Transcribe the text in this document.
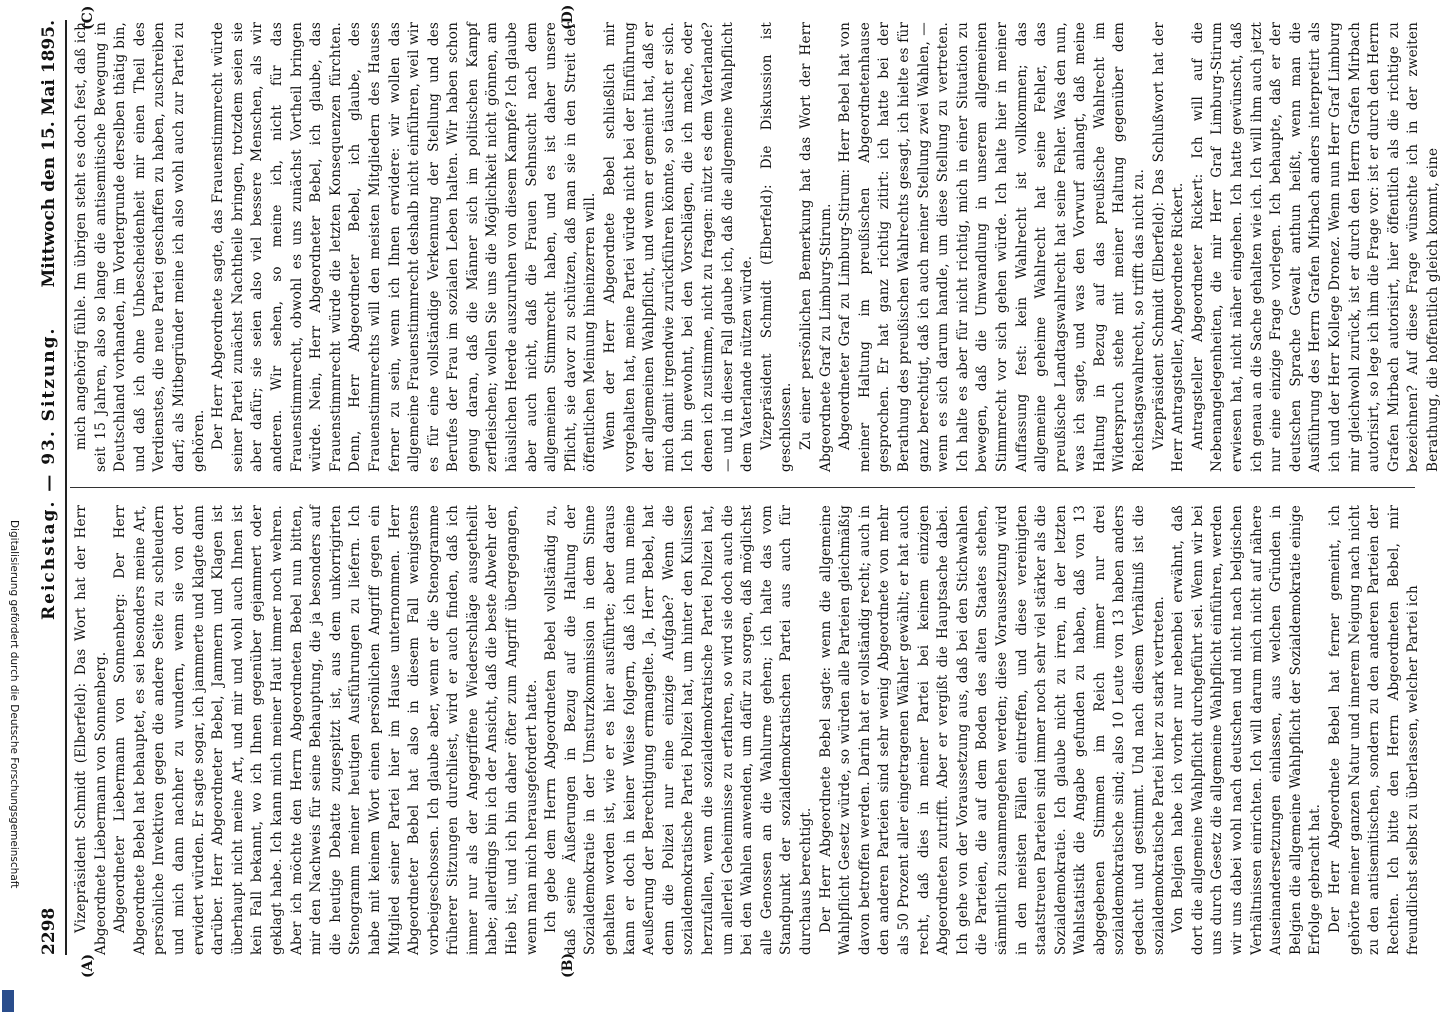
2298
Reichstag. — 93. Sitzung.
Mittwoch den 15. Mai 1895.
(A)	(B)
(C)	(D)

Vizepräsident Schmidt (Elberfeld): Das Wort hat der Herr Abgeordnete Liebermann von Sonnenberg. Abgeordneter Liebermann von Sonnenberg: Der Herr Abgeordnete Bebel hat behauptet, es sei besonders meine Art, persönliche Invektiven gegen die andere Seite zu schleudern und mich dann nachher zu wundern, wenn sie von dort erwidert würden. Er sagte sogar, ich jammerte und klagte dann darüber. Herr Abgeordneter Bebel, Jammern und Klagen ist überhaupt nicht meine Art, und mir und wohl auch Ihnen ist kein Fall bekannt, wo ich Ihnen gegenüber gejammert oder geklagt habe. Ich kann mich meiner Haut immer noch wehren. Aber ich möchte den Herrn Abgeordneten Bebel nun bitten, mir den Nachweis für seine Behauptung, die ja besonders auf die heutige Debatte zugespitzt ist, aus dem unkorrigirten Stenogramm meiner heutigen Ausführungen zu liefern. Ich habe mit keinem Wort einen persönlichen Angriff gegen ein Mitglied seiner Partei hier im Hause unternommen. Herr Abgeordneter Bebel hat also in diesem Fall wenigstens vorbeigeschossen. Ich glaube aber, wenn er die Stenogramme früherer Sitzungen durchliest, wird er auch finden, daß ich immer nur als der Angegriffene Wiederschläge ausgetheilt habe; allerdings bin ich der Ansicht, daß die beste Abwehr der Hieb ist, und ich bin daher öfter zum Angriff übergegangen, wenn man mich herausgefordert hatte. Ich gebe dem Herrn Abgeordneten Bebel vollständig zu, daß seine Äußerungen in Bezug auf die Haltung der Sozialdemokratie in der Umsturzkommission in dem Sinne gehalten worden ist, wie er es hier ausführte; aber daraus kann er doch in keiner Weise folgern, daß ich nun meine Aeußerung der Berechtigung ermangelte. Ja, Herr Bebel, hat denn die Polizei nur eine einzige Aufgabe? Wenn die sozialdemokratische Partei Polizei hat, um hinter den Kulissen herzufallen, wenn die sozialdemokratische Partei Polizei hat, um allerlei Geheimnisse zu erfahren, so wird sie doch auch die bei den Wahlen anwenden, um dafür zu sorgen, daß möglichst alle Genossen an die Wahlurne gehen; ich halte das vom Standpunkt der sozialdemokratischen Partei aus auch für durchaus berechtigt. Der Herr Abgeordnete Bebel sagte: wenn die allgemeine Wahlpflicht Gesetz würde, so würden alle Parteien gleichmäßig davon betroffen werden. Darin hat er vollständig recht; auch in den anderen Parteien sind sehr wenig Abgeordnete von mehr als 50 Prozent aller eingetragenen Wähler gewählt; er hat auch recht, daß dies in meiner Partei bei keinem einzigen Abgeordneten zutrifft. Aber er vergißt die Hauptsache dabei. Ich gehe von der Voraussetzung aus, daß bei den Stichwahlen die Parteien, die auf dem Boden des alten Staates stehen, sämmtlich zusammengehen werden; diese Voraussetzung wird in den meisten Fällen eintreffen, und diese vereinigten staatstreuen Parteien sind immer noch sehr viel stärker als die Sozialdemokratie. Ich glaube nicht zu irren, in der letzten Wahlstatistik die Angabe gefunden zu haben, daß von 13 abgegebenen Stimmen im Reich immer nur drei sozialdemokratische sind; also 10 Leute von 13 haben anders gedacht und gestimmt. Und nach diesem Verhältniß ist die sozialdemokratische Partei hier zu stark vertreten. Von Belgien habe ich vorher nur nebenbei erwähnt, daß dort die allgemeine Wahlpflicht durchgeführt sei. Wenn wir bei uns durch Gesetz die allgemeine Wahlpflicht einführen, werden wir uns dabei wohl nach deutschen und nicht nach belgischen Verhältnissen einrichten. Ich will darum mich nicht auf nähere Auseinandersetzungen einlassen, aus welchen Gründen in Belgien die allgemeine Wahlpflicht der Sozialdemokratie einige Erfolge gebracht hat. Der Herr Abgeordnete Bebel hat ferner gemeint, ich gehörte meiner ganzen Natur und innerem Neigung nach nicht zu den antisemitischen, sondern zu den anderen Parteien der Rechten. Ich bitte den Herrn Abgeordneten Bebel, mir freundlichst selbst zu überlassen, welcher Partei ich

mich angehörig fühle. Im übrigen steht es doch fest, daß ich seit 15 Jahren, also so lange die antisemitische Bewegung in Deutschland vorhanden, im Vordergrunde derselben thätig bin, und daß ich ohne Unbescheidenheit mir einen Theil des Verdienstes, die neue Partei geschaffen zu haben, zuschreiben darf; als Mitbegründer meine ich also wohl auch zur Partei zu gehören. Der Herr Abgeordnete sagte, das Frauenstimmrecht würde seiner Partei zunächst Nachtheile bringen, trotzdem seien sie aber dafür; sie seien also viel bessere Menschen, als wir anderen. Wir sehen, so meine ich, nicht für das Frauenstimmrecht, obwohl es uns zunächst Vortheil bringen würde. Nein, Herr Abgeordneter Bebel, ich glaube, das Frauenstimmrecht würde die letzten Konsequenzen fürchten. Denn, Herr Abgeordneter Bebel, ich glaube, des Frauenstimmrechts will den meisten Mitgliedern des Hauses ferner zu sein, wenn ich Ihnen erwidere: wir wollen das allgemeine Frauenstimmrecht deshalb nicht einführen, weil wir es für eine vollständige Verkennung der Stellung und des Berufes der Frau im sozialen Leben halten. Wir haben schon genug daran, daß die Männer sich im politischen Kampf zerfleischen; wollen Sie uns die Möglichkeit nicht gönnen, am häuslichen Heerde auszuruhen von diesem Kampfe? Ich glaube aber auch nicht, daß die Frauen Sehnsucht nach dem allgemeinen Stimmrecht haben, und es ist daher unsere Pflicht, sie davor zu schützen, daß man sie in den Streit der öffentlichen Meinung hineinzerren will. Wenn der Herr Abgeordnete Bebel schließlich mir vorgehalten hat, meine Partei würde nicht bei der Einführung der allgemeinen Wahlpflicht, und wenn er gemeint hat, daß er mich damit irgendwie zurückführen könnte, so täuscht er sich. Ich bin gewohnt, bei den Vorschlägen, die ich mache, oder denen ich zustimme, nicht zu fragen: nützt es dem Vaterlande? — und in dieser Fall glaube ich, daß die allgemeine Wahlpflicht dem Vaterlande nützen würde. Vizepräsident Schmidt (Elberfeld): Die Diskussion ist geschlossen. Zu einer persönlichen Bemerkung hat das Wort der Herr Abgeordnete Graf zu Limburg-Stirum. Abgeordneter Graf zu Limburg-Stirum: Herr Bebel hat von meiner Haltung im preußischen Abgeordnetenhause gesprochen. Er hat ganz richtig zitirt: ich hatte bei der Berathung des preußischen Wahlrechts gesagt, ich hielte es für ganz berechtigt, daß ich auch meiner Stellung zwei Wahlen, — wenn es sich darum handle, um diese Stellung zu vertreten. Ich halte es aber für nicht richtig, mich in einer Situation zu bewegen, daß die Umwandlung in unserem allgemeinen Stimmrecht vor sich gehen würde. Ich halte hier in meiner Auffassung fest: kein Wahlrecht ist vollkommen; das allgemeine geheime Wahlrecht hat seine Fehler, das preußische Landtagswahlrecht hat seine Fehler. Was den nun, was ich sagte, und was den Vorwurf anlangt, daß meine Haltung in Bezug auf das preußische Wahlrecht im Widerspruch stehe mit meiner Haltung gegenüber dem Reichstagswahlrecht, so trifft das nicht zu. Vizepräsident Schmidt (Elberfeld): Das Schlußwort hat der Herr Antragsteller, Abgeordnete Rickert. Antragsteller Abgeordneter Rickert: Ich will auf die Nebenangelegenheiten, die mir Herr Graf Limburg-Stirum erwiesen hat, nicht näher eingehen. Ich hatte gewünscht, daß ich genau an die Sache gehalten wie ich. Ich will ihm auch jetzt nur eine einzige Frage vorlegen. Ich behaupte, daß er der deutschen Sprache Gewalt anthun heißt, wenn man die Ausführung des Herrn Grafen Mirbach anders interpretirt als ich und der Herr Kollege Dronez. Wenn nun Herr Graf Limburg mir gleichwohl zurück, ist er durch den Herrn Grafen Mirbach autorisirt, so lege ich ihm die Frage vor: ist er durch den Herrn Grafen Mirbach autorisirt, hier öffentlich als die richtige zu bezeichnen? Auf diese Frage wünschte ich in der zweiten Berathung, die hoffentlich gleich kommt, eine

Digitalisierung gefördert durch die Deutsche Forschungsgemeinschaft
